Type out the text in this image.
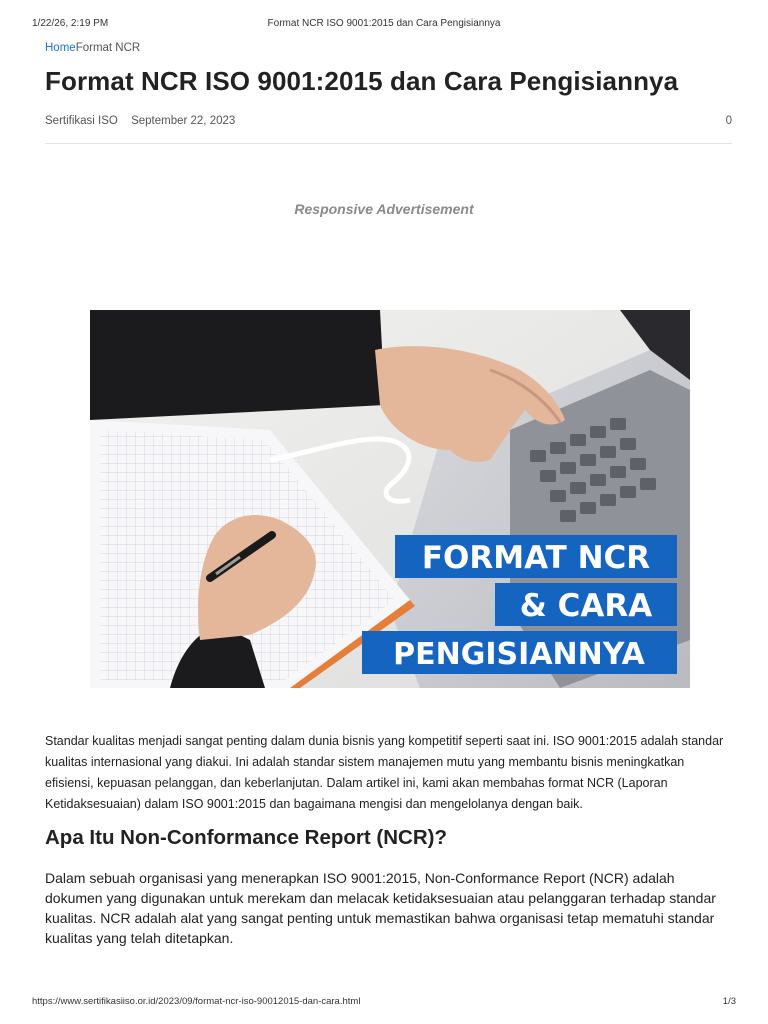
1/22/26, 2:19 PM	Format NCR ISO 9001:2015 dan Cara Pengisiannya
HomeFormat NCR
Format NCR ISO 9001:2015 dan Cara Pengisiannya
Sertifikasi ISO September 22, 2023	0
Responsive Advertisement
FORMAT NCR
& CARA
PENGISIANNYA

Standar kualitas menjadi sangat penting dalam dunia bisnis yang kompetitif seperti saat ini. ISO 9001:2015 adalah standar kualitas internasional yang diakui. Ini adalah standar sistem manajemen mutu yang membantu bisnis meningkatkan efisiensi, kepuasan pelanggan, dan keberlanjutan. Dalam artikel ini, kami akan membahas format NCR (Laporan Ketidaksesuaian) dalam ISO 9001:2015 dan bagaimana mengisi dan mengelolanya dengan baik.

Apa Itu Non-Conformance Report (NCR)?

Dalam sebuah organisasi yang menerapkan ISO 9001:2015, Non-Conformance Report (NCR) adalah dokumen yang digunakan untuk merekam dan melacak ketidaksesuaian atau pelanggaran terhadap standar kualitas. NCR adalah alat yang sangat penting untuk memastikan bahwa organisasi tetap mematuhi standar kualitas yang telah ditetapkan.

https://www.sertifikasiiso.or.id/2023/09/format-ncr-iso-90012015-dan-cara.html	1/3
